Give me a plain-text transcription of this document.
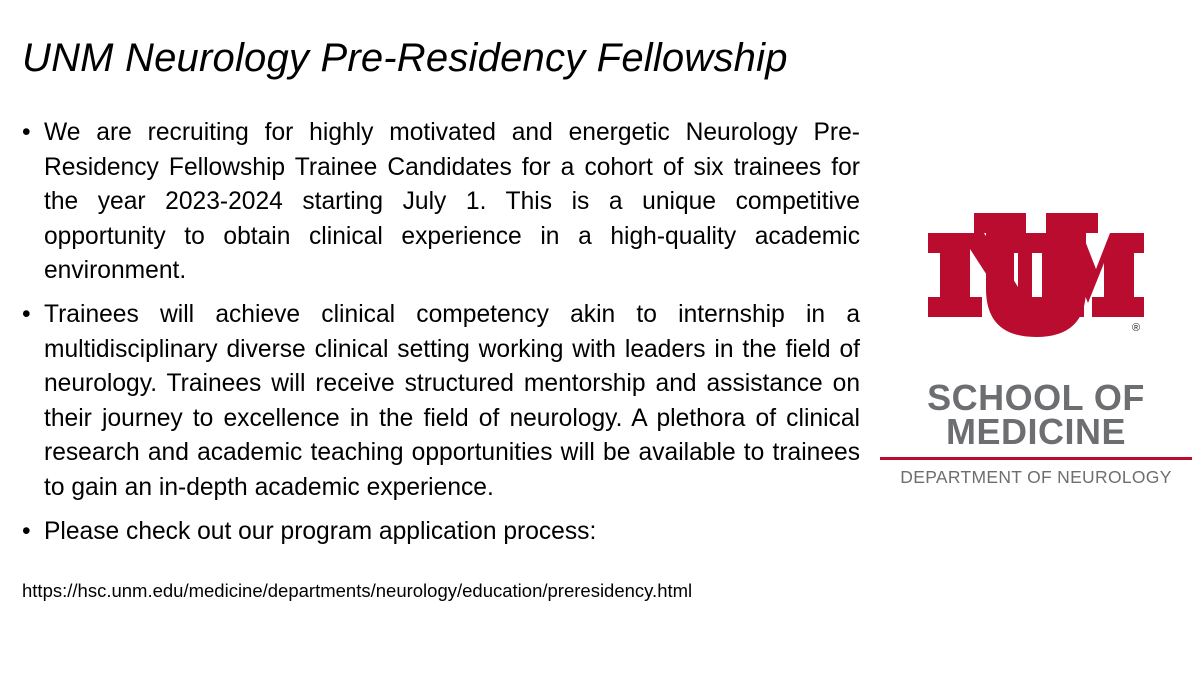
UNM Neurology Pre-Residency Fellowship
• We are recruiting for highly motivated and energetic Neurology Pre-Residency Fellowship Trainee Candidates for a cohort of six trainees for the year 2023-2024 starting July 1. This is a unique competitive opportunity to obtain clinical experience in a high-quality academic environment.
• Trainees will achieve clinical competency akin to internship in a multidisciplinary diverse clinical setting working with leaders in the field of neurology. Trainees will receive structured mentorship and assistance on their journey to excellence in the field of neurology. A plethora of clinical research and academic teaching opportunities will be available to trainees to gain an in-depth academic experience.
• Please check out our program application process:

https://hsc.unm.edu/medicine/departments/neurology/education/preresidency.html

®
SCHOOL OF
MEDICINE
DEPARTMENT OF NEUROLOGY
